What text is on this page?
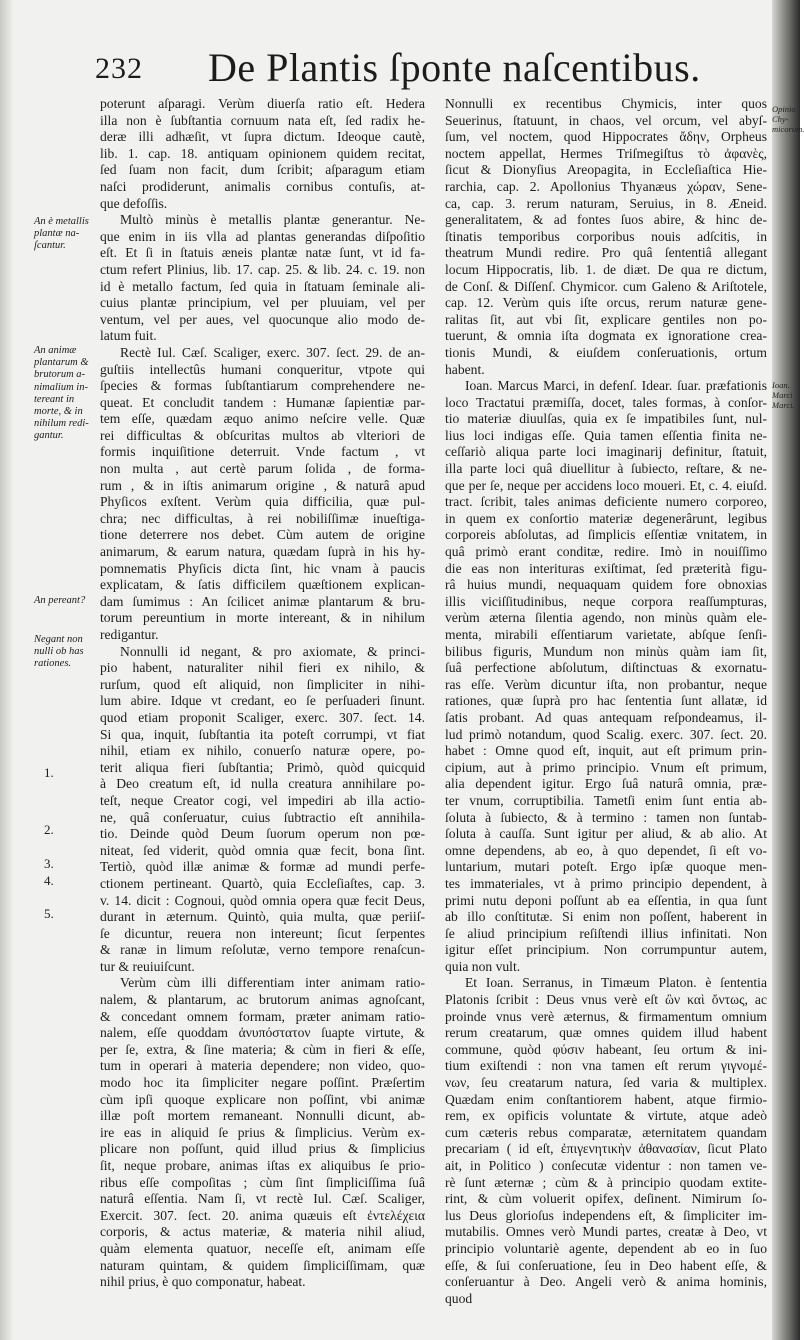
232 De Plantis ſponte naſcentibus.
poterunt aſparagi. Verùm diuerſa ratio eſt. Hedera
illa non è ſubſtantia cornuum nata eſt, ſed radix he-
deræ illi adhæſit, vt ſupra dictum. Ideoque cautè,
lib. 1. cap. 18. antiquam opinionem quidem recitat,
ſed ſuam non facit, dum ſcribit; aſparagum etiam
naſci prodiderunt, animalis cornibus contuſis, at-
que defoſſis.
Multò minùs è metallis plantæ generantur. Ne-
que enim in iis vlla ad plantas generandas diſpoſitio
eſt. Et ſi in ſtatuis æneis plantæ natæ ſunt, vt id fa-
ctum refert Plinius, lib. 17. cap. 25. & lib. 24. c. 19. non
id è metallo factum, ſed quia in ſtatuam ſeminale ali-
cuius plantæ principium, vel per pluuiam, vel per
ventum, vel per aues, vel quocunque alio modo de-
latum fuit.
Rectè Iul. Cæſ. Scaliger, exerc. 307. ſect. 29. de an-
guſtiis intellectûs humani conqueritur, vtpote qui
ſpecies & formas ſubſtantiarum comprehendere ne-
queat. Et concludit tandem : Humanæ ſapientiæ par-
tem eſſe, quædam æquo animo neſcire velle. Quæ
rei difficultas & obſcuritas multos ab vlteriori de
formis inquiſitione deterruit. Vnde factum , vt
non multa , aut certè parum ſolida , de forma-
rum , & in iſtis animarum origine , & naturâ apud
Phyſicos exſtent. Verùm quia difficilia, quæ pul-
chra; nec difficultas, à rei nobiliſſimæ inueſtiga-
tione deterrere nos debet. Cùm autem de origine
animarum, & earum natura, quædam ſuprà in his hy-
pomnematis Phyſicis dicta ſint, hic vnam à paucis
explicatam, & ſatis difficilem quæſtionem explican-
dam ſumimus : An ſcilicet animæ plantarum & bru-
torum pereuntium in morte intereant, & in nihilum
redigantur.
Nonnulli id negant, & pro axiomate, & princi-
pio habent, naturaliter nihil fieri ex nihilo, &
rurſum, quod eſt aliquid, non ſimpliciter in nihi-
lum abire. Idque vt credant, eo ſe perſuaderi ſinunt.
quod etiam proponit Scaliger, exerc. 307. ſect. 14.
Si qua, inquit, ſubſtantia ita poteſt corrumpi, vt fiat
nihil, etiam ex nihilo, conuerſo naturæ opere, po-
terit aliqua fieri ſubſtantia; Primò, quòd quicquid
à Deo creatum eſt, id nulla creatura annihilare po-
teſt, neque Creator cogi, vel impediri ab illa actio-
ne, quâ conſeruatur, cuius ſubtractio eſt annihila-
tio. Deinde quòd Deum ſuorum operum non pœ-
niteat, ſed viderit, quòd omnia quæ fecit, bona ſint.
Tertiò, quòd illæ animæ & formæ ad mundi perfe-
ctionem pertineant. Quartò, quia Eccleſiaſtes, cap. 3.
v. 14. dicit : Cognoui, quòd omnia opera quæ fecit Deus,
durant in æternum. Quintò, quia multa, quæ periiſ-
ſe dicuntur, reuera non intereunt; ſicut ſerpentes
& ranæ in limum reſolutæ, verno tempore renaſcun-
tur & reuiuiſcunt.
Verùm cùm illi differentiam inter animam ratio-
nalem, & plantarum, ac brutorum animas agnoſcant,
& concedant omnem formam, præter animam ratio-
nalem, eſſe quoddam ἀνυπόστατον ſuapte virtute, &
per ſe, extra, & ſine materia; & cùm in fieri & eſſe,
tum in operari à materia dependere; non video, quo-
modo hoc ita ſimpliciter negare poſſint. Præſertim
cùm ipſi quoque explicare non poſſint, vbi animæ
illæ poſt mortem remaneant. Nonnulli dicunt, ab-
ire eas in aliquid ſe prius & ſimplicius. Verùm ex-
plicare non poſſunt, quid illud prius & ſimplicius
ſit, neque probare, animas iſtas ex aliquibus ſe prio-
ribus eſſe compoſitas ; cùm ſint ſimpliciſſima ſuâ
naturâ eſſentia. Nam ſi, vt rectè Iul. Cæſ. Scaliger,
Exercit. 307. ſect. 20. anima quæuis eſt ἐντελέχεια
corporis, & actus materiæ, & materia nihil aliud,
quàm elementa quatuor, neceſſe eſt, animam eſſe
naturam quintam, & quidem ſimpliciſſimam, quæ
nihil prius, è quo componatur, habeat.
Nonnulli ex recentibus Chymicis, inter quos
Seuerinus, ſtatuunt, in chaos, vel orcum, vel abyſ-
ſum, vel noctem, quod Hippocrates ἄδην, Orpheus
noctem appellat, Hermes Triſmegiſtus τὸ ἀφανὲς,
ſicut & Dionyſius Areopagita, in Eccleſiaſtica Hie-
rarchia, cap. 2. Apollonius Thyanæus χώραν, Sene-
ca, cap. 3. rerum naturam, Seruius, in 8. Æneid.
generalitatem, & ad fontes ſuos abire, & hinc de-
ſtinatis temporibus corporibus nouis adſcitis, in
theatrum Mundi redire. Pro quâ ſententiâ allegant
locum Hippocratis, lib. 1. de diæt. De qua re dictum,
de Conſ. & Diſſenſ. Chymicor. cum Galeno & Ariſtotele,
cap. 12. Verùm quis iſte orcus, rerum naturæ gene-
ralitas ſit, aut vbi ſit, explicare gentiles non po-
tuerunt, & omnia iſta dogmata ex ignoratione crea-
tionis Mundi, & eiuſdem conſeruationis, ortum
habent.
Ioan. Marcus Marci, in defenſ. Idear. ſuar. præfationis
loco Tractatui præmiſſa, docet, tales formas, à conſor-
tio materiæ diuulſas, quia ex ſe impatibiles ſunt, nul-
lius loci indigas eſſe. Quia tamen eſſentia finita ne-
ceſſariò aliqua parte loci imaginarij definitur, ſtatuit,
illa parte loci quâ diuellitur à ſubiecto, reſtare, & ne-
que per ſe, neque per accidens loco moueri. Et, c. 4. eiuſd.
tract. ſcribit, tales animas deficiente numero corporeo,
in quem ex conſortio materiæ degenerârunt, legibus
corporeis abſolutas, ad ſimplicis eſſentiæ vnitatem, in
quâ primò erant conditæ, redire. Imò in nouiſſimo
die eas non interituras exiſtimat, ſed præterità figu-
râ huius mundi, nequaquam quidem fore obnoxias
illis viciſſitudinibus, neque corpora reaſſumpturas,
verùm æterna ſilentia agendo, non minùs quàm ele-
menta, mirabili eſſentiarum varietate, abſque ſenſi-
bilibus figuris, Mundum non minùs quàm iam ſit,
ſuâ perfectione abſolutum, diſtinctuas & exornatu-
ras eſſe. Verùm dicuntur iſta, non probantur, neque
rationes, quæ ſuprà pro hac ſententia ſunt allatæ, id
ſatis probant. Ad quas antequam reſpondeamus, il-
lud primò notandum, quod Scalig. exerc. 307. ſect. 20.
habet : Omne quod eſt, inquit, aut eſt primum prin-
cipium, aut à primo principio. Vnum eſt primum,
alia dependent igitur. Ergo ſuâ naturâ omnia, præ-
ter vnum, corruptibilia. Tametſi enim ſunt entia ab-
ſoluta à ſubiecto, & à termino : tamen non ſuntab-
ſoluta à cauſſa. Sunt igitur per aliud, & ab alio. At
omne dependens, ab eo, à quo dependet, ſi eſt vo-
luntarium, mutari poteſt. Ergo ipſæ quoque men-
tes immateriales, vt à primo principio dependent, à
primi nutu deponi poſſunt ab ea eſſentia, in qua ſunt
ab illo conſtitutæ. Si enim non poſſent, haberent in
ſe aliud principium reſiſtendi illius infinitati. Non
igitur eſſet principium. Non corrumpuntur autem,
quia non vult.
Et Ioan. Serranus, in Timæum Platon. è ſententia
Platonis ſcribit : Deus vnus verè eſt ὢν καὶ ὄντως, ac
proinde vnus verè æternus, & firmamentum omnium
rerum creatarum, quæ omnes quidem illud habent
commune, quòd φύσιν habeant, ſeu ortum & ini-
tium exiſtendi : non vna tamen eſt rerum γιγνομέ-
νων, ſeu creatarum natura, ſed varia & multiplex.
Quædam enim conſtantiorem habent, atque firmio-
rem, ex opificis voluntate & virtute, atque adeò
cum cæteris rebus comparatæ, æternitatem quandam
precariam ( id eſt, ἐπιγενητικὴν ἀθανασίαν, ſicut Plato
ait, in Politico ) conſecutæ videntur : non tamen ve-
rè ſunt æternæ ; cùm & à principio quodam extite-
rint, & cùm voluerit opifex, deſinent. Nimirum ſo-
lus Deus glorioſus independens eſt, & ſimpliciter im-
mutabilis. Omnes verò Mundi partes, creatæ à Deo, vt
principio voluntariè agente, dependent ab eo in ſuo
eſſe, & ſui conſeruatione, ſeu in Deo habent eſſe, &
conſeruantur à Deo. Angeli verò & anima hominis,
quod
An è metallis
plantæ na-
ſcantur.
An animæ
plantarum &
brutorum a-
nimalium in-
tereant in
morte, & in
nihilum redi-
gantur.
An pereant?
Negant non
nulli ob has
rationes.
1.
2.
3.
4.
5.
Opinio Chy-
micorum.
Ioan. Marci
Marci.
